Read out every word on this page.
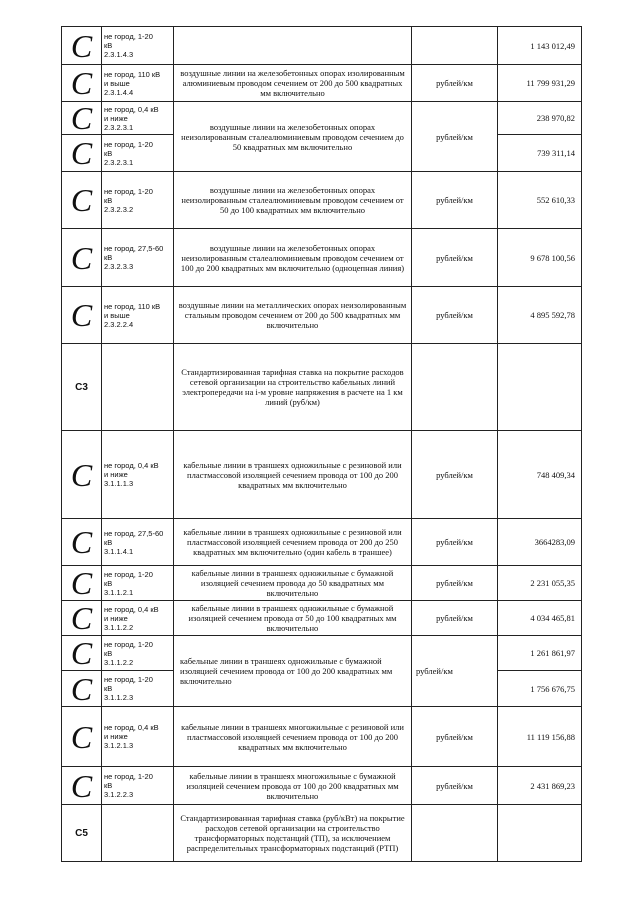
C	не город, 1-20
кВ
2.3.1.4.3			1 143 012,49
C	не город, 110 кВ
и выше
2.3.1.4.4	воздушные линии на железобетонных опорах изолированным алюминиевым проводом сечением от 200 до 500 квадратных мм включительно	рублей/км	11 799 931,29
C	не город, 0,4 кВ
и ниже
2.3.2.3.1	воздушные линии на железобетонных опорах неизолированным сталеалюминиевым проводом сечением до 50 квадратных мм включительно	рублей/км	238 970,82
C	не город, 1-20
кВ
2.3.2.3.1			739 311,14
C	не город, 1-20
кВ
2.3.2.3.2	воздушные линии на железобетонных опорах неизолированным сталеалюминиевым проводом сечением от 50 до 100 квадратных мм включительно	рублей/км	552 610,33
C	не город, 27,5-60
кВ
2.3.2.3.3	воздушные линии на железобетонных опорах неизолированным сталеалюминиевым проводом сечением от 100 до 200 квадратных мм включительно (одноцепная линия)	рублей/км	9 678 100,56
C	не город, 110 кВ
и выше
2.3.2.2.4	воздушные линии на металлических опорах неизолированным стальным проводом сечением от 200 до 500 квадратных мм включительно	рублей/км	4 895 592,78
C3		Стандартизированная тарифная ставка на покрытие расходов сетевой организации на строительство кабельных линий электропередачи на i-м уровне напряжения в расчете на 1 км линий (руб/км)		
C	не город, 0,4 кВ
и ниже
3.1.1.1.3	кабельные линии в траншеях одножильные с резиновой или пластмассовой изоляцией сечением провода от 100 до 200 квадратных мм включительно	рублей/км	748 409,34
C	не город, 27,5-60
кВ
3.1.1.4.1	кабельные линии в траншеях одножильные с резиновой или пластмассовой изоляцией сечением провода от 200 до 250 квадратных мм включительно (один кабель в траншее)	рублей/км	3664283,09
C	не город, 1-20
кВ
3.1.1.2.1	кабельные линии в траншеях одножильные с бумажной изоляцией сечением провода до 50 квадратных мм включительно	рублей/км	2 231 055,35
C	не город, 0,4 кВ
и ниже
3.1.1.2.2	кабельные линии в траншеях одножильные с бумажной изоляцией сечением провода от 50 до 100 квадратных мм включительно	рублей/км	4 034 465,81
C	не город, 1-20
кВ
3.1.1.2.2	кабельные линии в траншеях одножильные с бумажной изоляцией сечением провода от 100 до 200 квадратных мм включительно	рублей/км	1 261 861,97
C	не город, 1-20
кВ
3.1.1.2.3			1 756 676,75
C	не город, 0,4 кВ
и ниже
3.1.2.1.3	кабельные линии в траншеях многожильные с резиновой или пластмассовой изоляцией сечением провода от 100 до 200 квадратных мм включительно	рублей/км	11 119 156,88
C	не город, 1-20
кВ
3.1.2.2.3	кабельные линии в траншеях многожильные с бумажной изоляцией сечением провода от 100 до 200 квадратных мм включительно	рублей/км	2 431 869,23
C5		Стандартизированная тарифная ставка (руб/кВт) на покрытие расходов сетевой организации на строительство трансформаторных подстанций (ТП), за исключением распределительных трансформаторных подстанций (РТП)		
